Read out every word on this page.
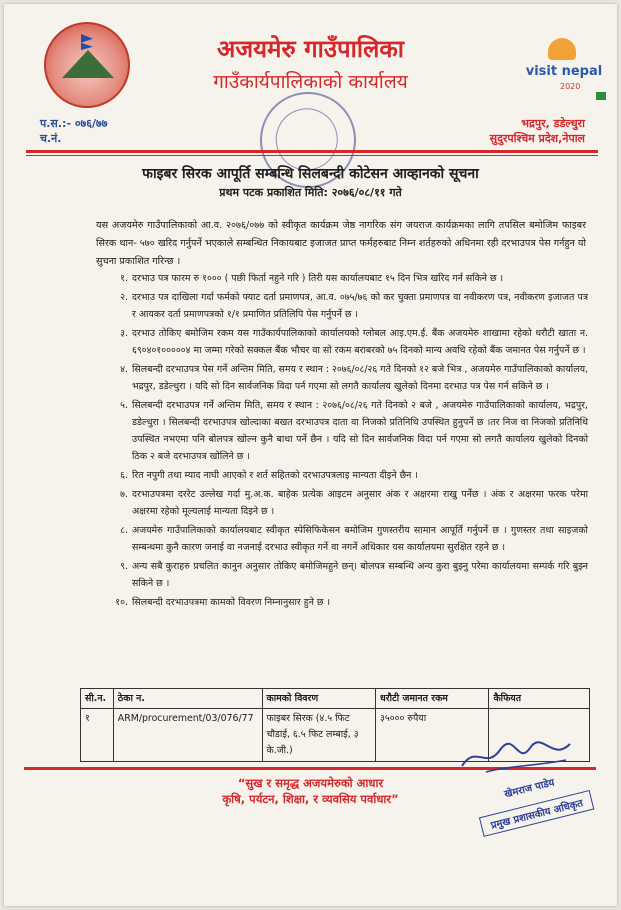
visit nepal
2020
अजयमेरु गाउँपालिका
गाउँकार्यपालिकाको कार्यालय
प.स.:- ०७६/७७
च.नं.
भद्रपुर, डडेल्धुरा
सुदुरपश्चिम प्रदेश,नेपाल
फाइबर सिरक आपूर्ति सम्बन्धि सिलबन्दी कोटेसन आव्हानको सूचना
प्रथम पटक प्रकाशित मिति: २०७६/०८/११ गते
यस अजयमेरु गाउँपालिकाको आ.व. २०७६/०७७ को स्वीकृत कार्यक्रम जेष्ठ नागरिक संग जयराज कार्यक्रमका लागि तपसिल बमोजिम फाइबर सिरक थान- ५७० खरिद गर्नुपर्ने भएकाले सम्बन्धित निकायबाट इजाजत प्राप्त फर्महरुबाट निम्न शर्तहरुको अधिनमा रही दरभाउपत्र पेस गर्नहुन यो सुचना प्रकाशित गरिन्छ ।
१. दरभाउ पत्र फारम रु १००० ( पछी फिर्ता नहुने गरि ) तिरी यस कार्यालयबाट १५ दिन भित्र खरिद गर्न सकिने छ ।
२. दरभाउ पत्र दाखिला गर्दा फर्मको फ्याट दर्ता प्रमाणपत्र, आ.व. ०७५/७६ को कर चुक्ता प्रमाणपत्र वा नवीकरण पत्र, नवीकरण इजाजत पत्र र आयकर दर्ता प्रमाणपत्रको १/१ प्रमाणित प्रतिलिपि पेस गर्नुपर्ने छ ।
३. दरभाउ तोकिए बमोजिम रकम यस गाउँकार्यपालिकाको कार्यालयको ग्लोबल आइ.एम.ई. बैंक अजयमेरु शाखामा रहेको धरौटी खाता न. ६९०४०१०००००४ मा जम्मा गरेको सक्कल बैंक भौचर वा सो रकम बराबरको ७५ दिनको मान्य अवधि रहेको बैंक जमानत पेस गर्नुपर्ने छ ।
४. सिलबन्दी दरभाउपत्र पेस गर्ने अन्तिम मिति, समय र स्थान : २०७६/०८/२६ गते दिनको १२ बजे भित्र , अजयमेरु गाउँपालिकाको कार्यालय, भद्रपुर, डडेल्धुरा । यदि सो दिन सार्वजनिक विदा पर्न गएमा सो लगतै कार्यालय खुलेको दिनमा दरभाउ पत्र पेस गर्न सकिने छ ।
५. सिलबन्दी दरभाउपत्र गर्ने अन्तिम मिति, समय र स्थान : २०७६/०८/२६ गते दिनको २ बजे , अजयमेरु गाउँपालिकाको कार्यालय, भद्रपुर, डडेल्धुरा । सिलबन्दी दरभाउपत्र खोल्दाका बखत दरभाउपत्र दाता वा निजको प्रतिनिधि उपस्थित हुनुपर्ने छ ।तर निज वा निजको प्रतिनिधि उपस्थित नभएमा पनि बोलपत्र खोल्न कुनै बाधा पर्ने छैन । यदि सो दिन सार्वजनिक विदा पर्न गएमा सो लगतै कार्यालय खुलेको दिनको ठिक २ बजे दरभाउपत्र खोलिने छ ।
६. रित नपुगी तथा म्याद नाघी आएको र शर्त सहितको दरभाउपत्रलाइ मान्यता दीइने छैन ।
७. दरभाउपत्रमा दररेट उल्लेख गर्दा मु.अ.क. बाहेक प्रत्येक आइटम अनुसार अंक र अक्षरमा राखु पर्नेछ । अंक र अक्षरमा फरक परेमा अक्षरमा रहेको मूल्यलाई मान्यता दिइने छ ।
८. अजयमेरु गाउँपालिकाको कार्यालयबाट स्वीकृत स्पेसिफिकेसन बमोजिम गुणस्तरीय सामान आपूर्ति गर्नुपर्ने छ । गुणस्तर तथा साइजको सम्बन्धमा कुनै कारण जनाई वा नजनाई दरभाउ स्वीकृत गर्ने वा नगर्ने अधिकार यस कार्यालयमा सुरक्षित रहने छ ।
९. अन्य सबै कुराहरु प्रचलित कानुन अनुसार तोकिए बमोजिमहुने छन्। बोलपत्र सम्बन्धि अन्य कुरा बुझ्नु परेमा कार्यालयमा सम्पर्क गरि बुझ्न सकिने छ ।
१०. सिलबन्दी दरभाउपत्रमा कामको विवरण निम्नानुसार हुने छ ।
सी.न.	ठेका न.	कामको विवरण	धरौटी जमानत रकम	कैफियत
१	ARM/procurement/03/076/77	फाइबर सिरक (४.५ फिट चौडाई, ६.५ फिट लम्बाई, ३ के.जी.)	३५००० रुपैया	
“सुख र समृद्ध अजयमेरुको आधार
कृषि, पर्यटन, शिक्षा, र व्यवसिय पर्वाधार”	खेमराज पाडेय
प्रमुख प्रशासकीय अधिकृत
